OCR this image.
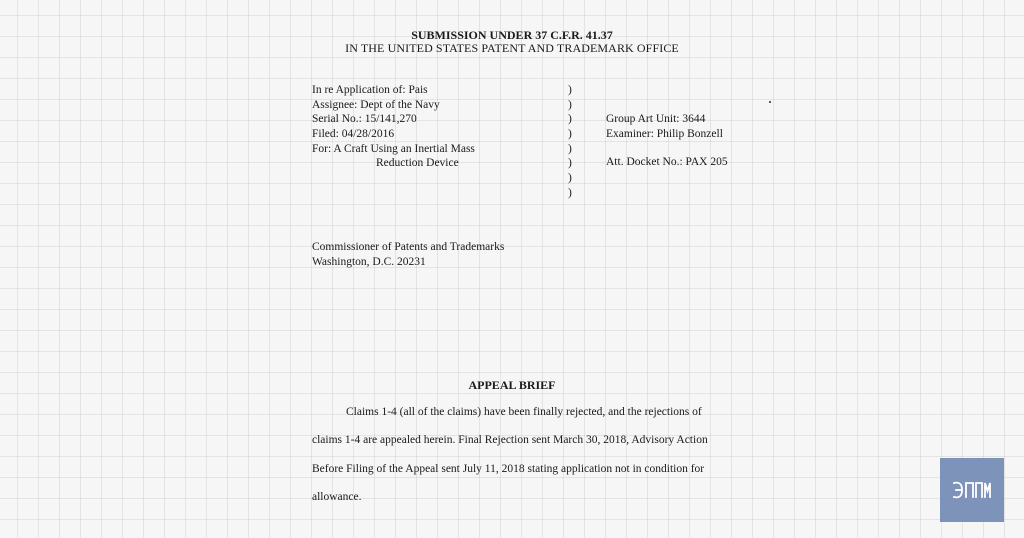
SUBMISSION UNDER 37 C.F.R. 41.37
IN THE UNITED STATES PATENT AND TRADEMARK OFFICE
In re Application of: Pais
Assignee: Dept of the Navy
Serial No.: 15/141,270
Filed: 04/28/2016
For: A Craft Using an Inertial Mass
Reduction Device
)
)
)
)
)
)
)
)
Group Art Unit: 3644
Examiner: Philip Bonzell
Att. Docket No.: PAX 205
Commissioner of Patents and Trademarks
Washington, D.C. 20231
APPEAL BRIEF
Claims 1-4 (all of the claims) have been finally rejected, and the rejections of
claims 1-4 are appealed herein. Final Rejection sent March 30, 2018, Advisory Action
Before Filing of the Appeal sent July 11, 2018 stating application not in condition for
allowance.
